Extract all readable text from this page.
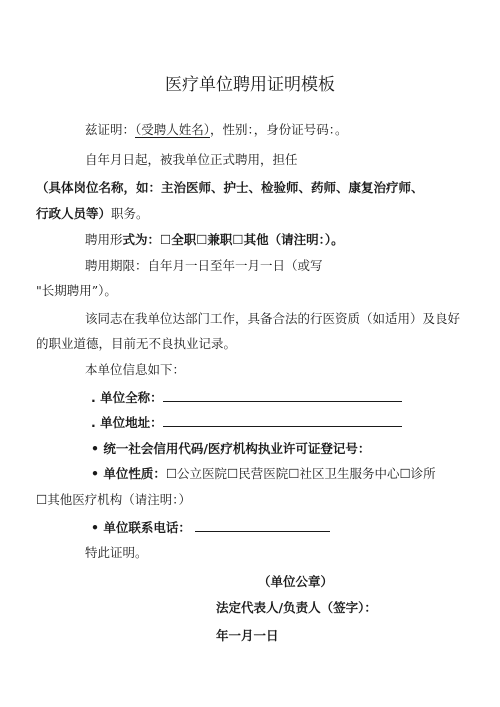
医疗单位聘用证明模板
兹证明：（受聘人姓名），性别：，身份证号码：。
自年月日起，被我单位正式聘用，担任
（具体岗位名称，如：主治医师、护士、检验师、药师、康复治疗师、
行政人员等）职务。
聘用形式为：☐全职☐兼职☐其他（请注明：）。
聘用期限：自年月一日至年一月一日（或写
"长期聘用”）。
该同志在我单位达部门工作，具备合法的行医资质（如适用）及良好
的职业道德，目前无不良执业记录。
本单位信息如下：
. 单位全称：
. 单位地址：
• 统一社会信用代码/医疗机构执业许可证登记号：
• 单位性质：☐公立医院☐民营医院☐社区卫生服务中心☐诊所
☐其他医疗机构（请注明：）
• 单位联系电话：
特此证明。
（单位公章）
法定代表人/负责人（签字）：
年一月一日
